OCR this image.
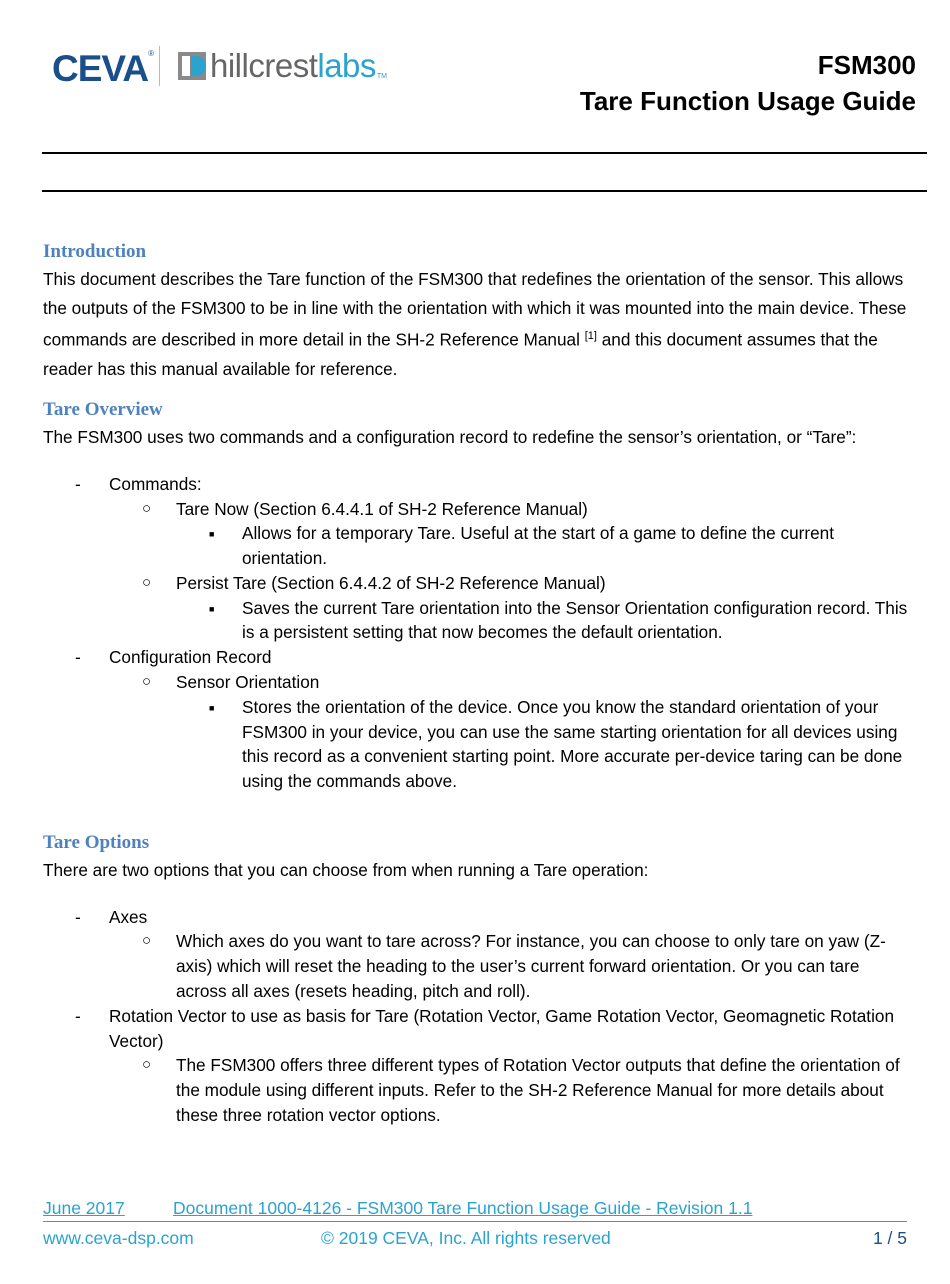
CEVA® hillcrest labs TM	FSM300
Tare Function Usage Guide
Introduction

This document describes the Tare function of the FSM300 that redefines the orientation of the sensor. This allows the outputs of the FSM300 to be in line with the orientation with which it was mounted into the main device. These commands are described in more detail in the SH-2 Reference Manual [1] and this document assumes that the reader has this manual available for reference.

Tare Overview

The FSM300 uses two commands and a configuration record to redefine the sensor’s orientation, or “Tare”:

- Commands:
○ Tare Now (Section 6.4.4.1 of SH-2 Reference Manual)
■ Allows for a temporary Tare. Useful at the start of a game to define the current orientation.
○ Persist Tare (Section 6.4.4.2 of SH-2 Reference Manual)
■ Saves the current Tare orientation into the Sensor Orientation configuration record. This is a persistent setting that now becomes the default orientation.
- Configuration Record
○ Sensor Orientation
■ Stores the orientation of the device. Once you know the standard orientation of your FSM300 in your device, you can use the same starting orientation for all devices using this record as a convenient starting point. More accurate per-device taring can be done using the commands above.
Tare Options

There are two options that you can choose from when running a Tare operation:

- Axes
○ Which axes do you want to tare across? For instance, you can choose to only tare on yaw (Z-axis) which will reset the heading to the user’s current forward orientation. Or you can tare across all axes (resets heading, pitch and roll).
- Rotation Vector to use as basis for Tare (Rotation Vector, Game Rotation Vector, Geomagnetic Rotation Vector)
○ The FSM300 offers three different types of Rotation Vector outputs that define the orientation of the module using different inputs. Refer to the SH-2 Reference Manual for more details about these three rotation vector options.
June 2017	Document 1000-4126 - FSM300 Tare Function Usage Guide - Revision 1.1
www.ceva-dsp.com	© 2019 CEVA, Inc. All rights reserved	1 / 5
